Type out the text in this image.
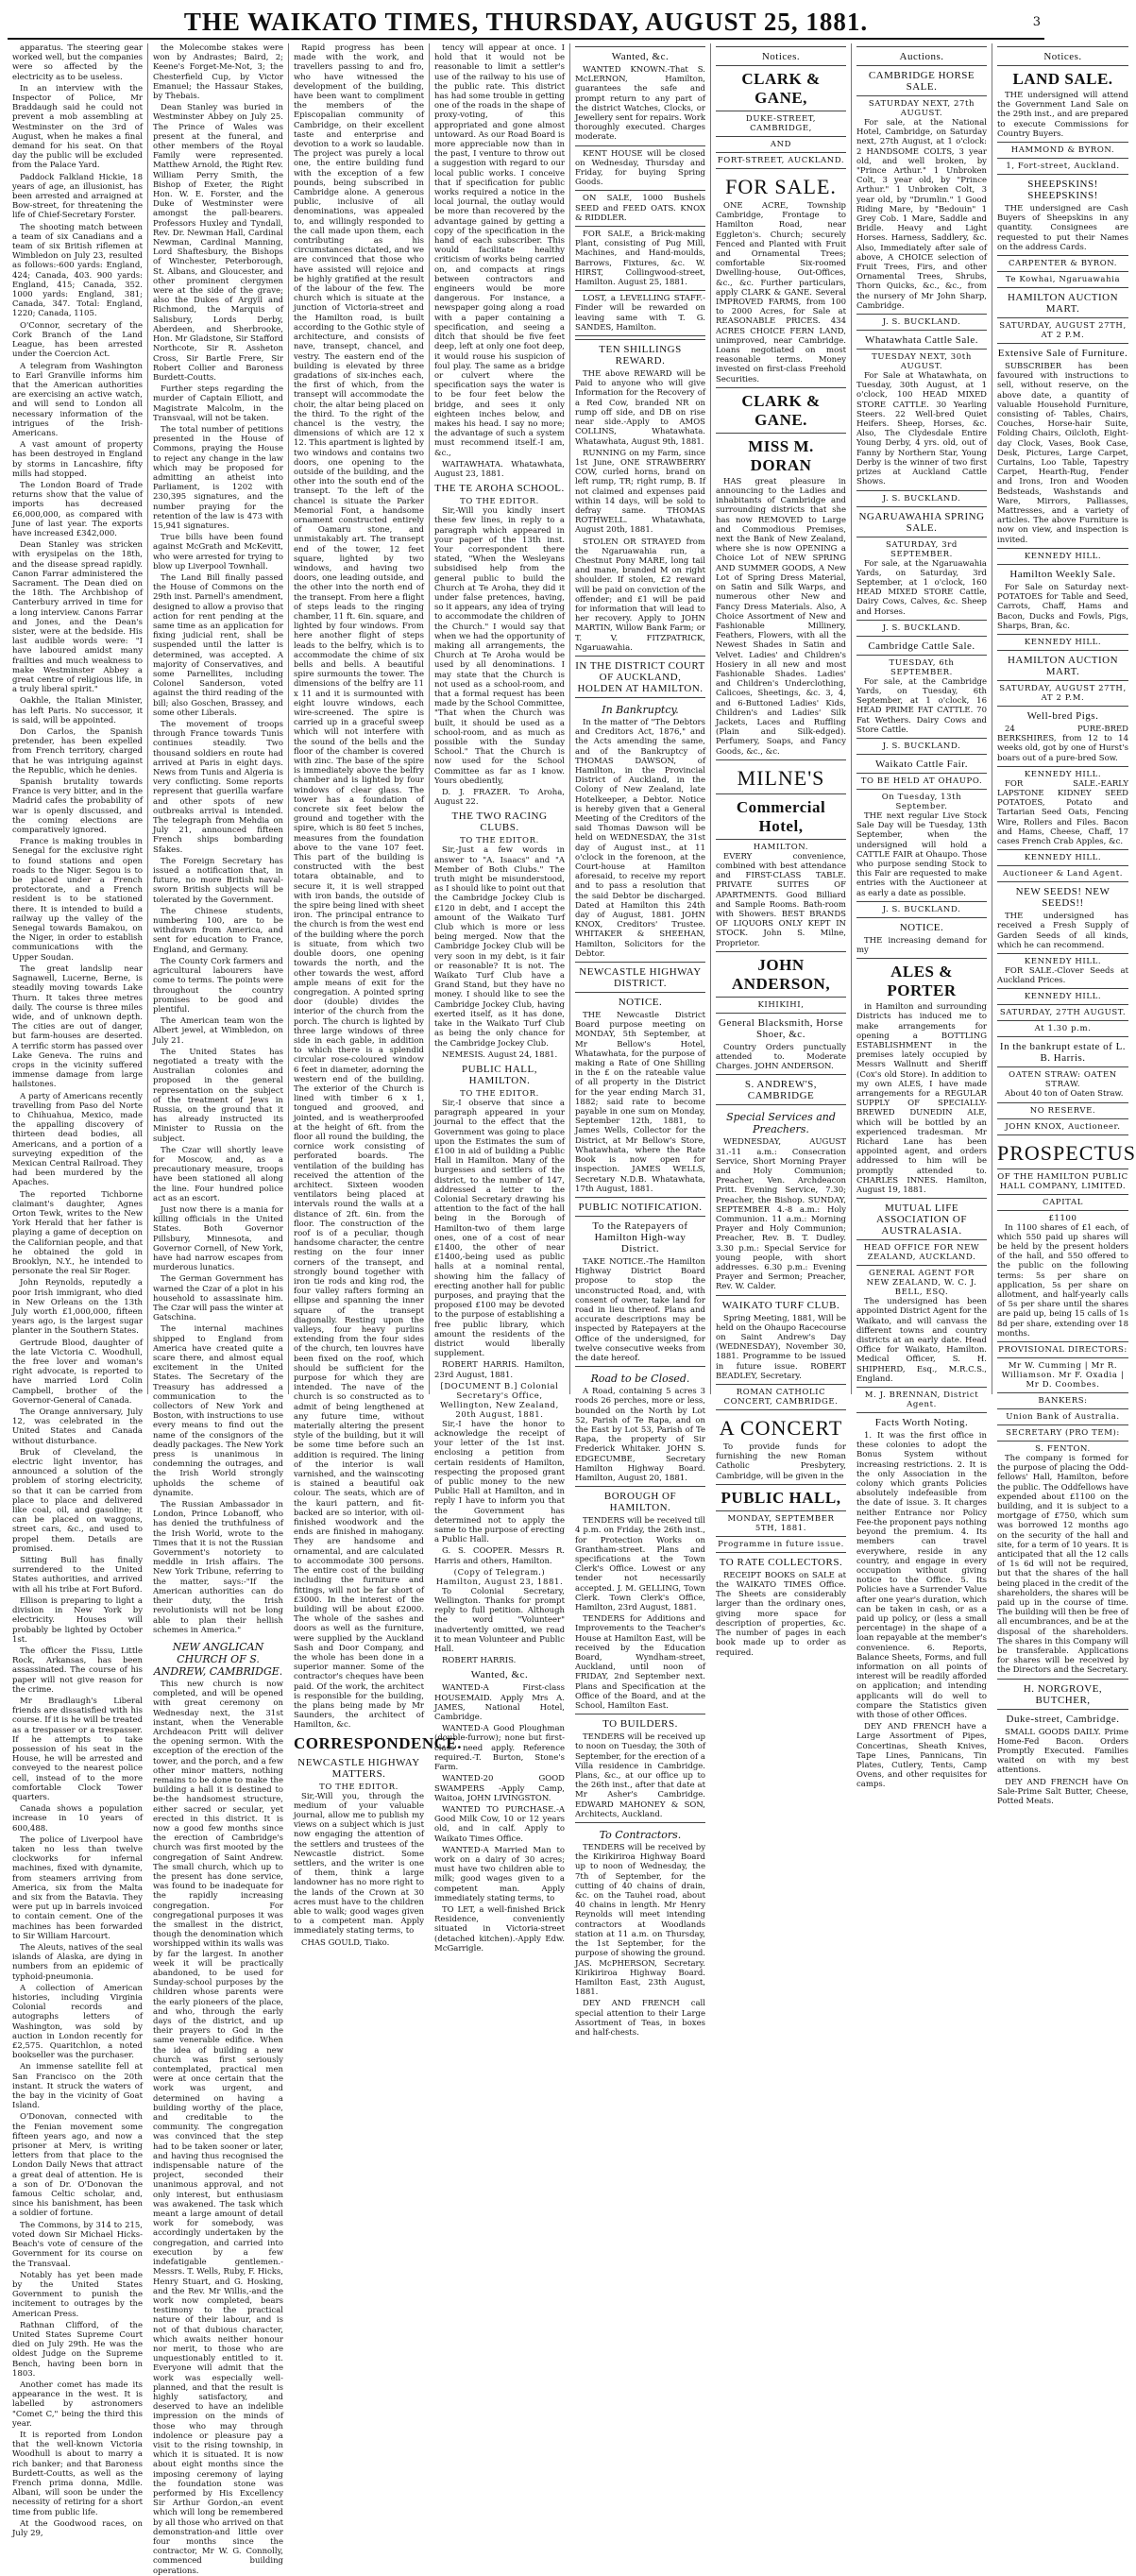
THE WAIKATO TIMES, THURSDAY, AUGUST 25, 1881.	3

apparatus. The steering gear worked well, but the companies were so affected by the electricity as to be useless.

In an interview with the Inspector of Police, Mr Braddaugh said he could not prevent a mob assembling at Westminster on the 3rd of August, when he makes a final demand for his seat. On that day the public will be excluded from the Palace Yard.

Paddock Falkland Hickie, 18 years of age, an illusionist, has been arrested and arraigned at Bow-street, for threatening the life of Chief-Secretary Forster.

The shooting match between a team of six Canadians and a team of six British riflemen at Wimbledon on July 23, resulted as follows:-600 yards: England, 424; Canada, 403. 900 yards: England, 415; Canada, 352. 1000 yards: England, 381; Canada, 347. Total: England, 1220; Canada, 1105.

O'Connor, secretary of the Cork Branch of the Land League, has been arrested under the Coercion Act.

A telegram from Washington to Earl Granville informs him that the American authorities are exercising an active watch, and will send to London all necessary information of the intrigues of the Irish-Americans.

A vast amount of property has been destroyed in England by storms in Lancashire, fifty mills had stopped.

The London Board of Trade returns show that the value of imports has decreased £6,000,000, as compared with June of last year. The exports have increased £342,000.

Dean Stanley was stricken with erysipelas on the 18th, and the disease spread rapidly. Canon Farrar administered the Sacrament. The Dean died on the 18th. The Archbishop of Canterbury arrived in time for a long interview. Canons Farrar and Jones, and the Dean's sister, were at the bedside. His last audible words were: "I have laboured amidst many frailties and much weakness to make Westminster Abbey a great centre of religious life, in a truly liberal spirit."

Oakhle, the Italian Minister, has left Paris. No successor, it is said, will be appointed.

Don Carlos, the Spanish pretender, has been expelled from French territory, charged that he was intriguing against the Republic, which he denies.

Spanish brutality towards France is very bitter, and in the Madrid cafes the probability of war is openly discussed, and the coming elections are comparatively ignored.

France is making troubles in Senegal for the exclusive right to found stations and open roads to the Niger. Segou is to be placed under a French protectorate, and a French resident is to be stationed there. It is intended to build a railway up the valley of the Senegal towards Bamakou, on the Niger, in order to establish communications with the Upper Soudan.

The great landslip near Sagnawell, Lucerne, Berne, is steadily moving towards Lake Thurn. It takes three metres daily. The course is three miles wide, and of unknown depth. The cities are out of danger, but farm-houses are deserted. A terrific storm has passed over Lake Geneva. The ruins and crops in the vicinity suffered immense damage from large hailstones.

A party of Americans recently travelling from Paso del Norte to Chihuahua, Mexico, made the appalling discovery of thirteen dead bodies, all Americans, and a portion of a surveying expedition of the Mexican Central Railroad. They had been murdered by the Apaches.

The reported Tichborne claimant's daughter, Agnes Orton Tewk, writes to the New York Herald that her father is playing a game of deception on the Californian people, and that he obtained the gold in Brooklyn, N.Y., he intended to personate the real Sir Roger.

John Reynolds, reputedly a poor Irish immigrant, who died in New Orleans on the 13th July worth £1,000,000, fifteen years ago, is the largest sugar planter in the Southern States.

Gertrude Blood, daughter of the late Victoria C. Woodhull, the free lover and woman's right advocate, is reported to have married Lord Colin Campbell, brother of the Governor-General of Canada.

The Orange anniversary, July 12, was celebrated in the United States and Canada without disturbance.

Bruk of Cleveland, the electric light inventor, has announced a solution of the problem of storing electricity, so that it can be carried from place to place and delivered like coal, oil, and gasoline; it can be placed on waggons, street cars, &c., and used to propel them. Details are promised.

Sitting Bull has finally surrendered to the United States authorities, and arrived with all his tribe at Fort Buford.

Ellison is preparing to light a division in New York by electricity. Houses will probably be lighted by October 1st.

The officer the Fissu, Little Rock, Arkansas, has been assassinated. The course of his paper will not give reason for the crime.

Mr Bradlaugh's Liberal friends are dissatisfied with his course. If it is he will be treated as a trespasser or a trespasser. If he attempts to take possession of his seat in the House, he will be arrested and conveyed to the nearest police cell, instead of to the more comfortable Clock Tower quarters.

Canada shows a population increase in 10 years of 600,488.

The police of Liverpool have taken no less than twelve clockworks for infernal machines, fixed with dynamite, from steamers arriving from America, six from the Malta and six from the Batavia. They were put up in barrels invoiced to contain cement. One of the machines has been forwarded to Sir William Harcourt.

The Aleuts, natives of the seal islands of Alaska, are dying in numbers from an epidemic of typhoid-pneumonia.

A collection of American histories, including Virginia Colonial records and autographs letters of Washington, was sold by auction in London recently for £2,575. Quaritchlon, a noted bookseller was the purchaser.

An immense satellite fell at San Francisco on the 20th instant. It struck the waters of the bay in the vicinity of Goat Island.

O'Donovan, connected with the Fenian movement some fifteen years ago, and now a prisoner at Merv, is writing letters from that place to the London Daily News that attract a great deal of attention. He is a son of Dr. O'Donovan the famous Celtic scholar, and, since his banishment, has been a soldier of fortune.

The Commons, by 314 to 215, voted down Sir Michael Hicks-Beach's vote of censure of the Government for its course on the Transvaal.

Notably has yet been made by the United States Government to punish the incitement to outrages by the American Press.

Rathnan Clifford, of the United States Supreme Court died on July 29th. He was the oldest Judge on the Supreme Bench, having been born in 1803.

Another comet has made its appearance in the west. It is labelled by astronomers "Comet C," being the third this year.

It is reported from London that the well-known Victoria Woodhull is about to marry a rich banker; and that Baroness Burdett-Coutts, as well as the French prima donna, Mdlle. Albani, will soon be under the necessity of retiring for a short time from public life.

At the Goodwood races, on July 29,

the Molecombe stakes were won by Andrastes; Baird, 2; Keene's Forget-Me-Not, 3; the Chesterfield Cup, by Victor Emanuel; the Hassaur Stakes, by Thebais.

Dean Stanley was buried in Westminster Abbey on July 25. The Prince of Wales was present at the funeral, and other members of the Royal Family were represented. Matthew Arnold, the Right Rev. William Perry Smith, the Bishop of Exeter, the Right Hon. W. E. Forster, and the Duke of Westminster were amongst the pall-bearers. Professors Huxley and Tyndall, Rev. Dr. Newman Hall, Cardinal Newman, Cardinal Manning, Lord Shaftesbury, the Bishops of Winchester, Peterborough, St. Albans, and Gloucester, and other prominent clergymen were at the side of the grave; also the Dukes of Argyll and Richmond, the Marquis of Salisbury, Lords Derby, Aberdeen, and Sherbrooke, Hon. Mr Gladstone, Sir Stafford Northcote, Sir R. Assheton Cross, Sir Bartle Frere, Sir Robert Collier and Baroness Burdett-Coutts.

Further steps regarding the murder of Captain Elliott, and Magistrate Malcolm, in the Transvaal, will not be taken.

The total number of petitions presented in the House of Commons, praying the House to reject any change in the law which may be proposed for admitting an atheist into Parliament, is 1202 with 230,395 signatures, and the number praying for the retention of the law is 473 with 15,941 signatures.

True bills have been found against McGrath and McKevitt, who were arrested for trying to blow up Liverpool Townhall.

The Land Bill finally passed the House of Commons on the 29th inst. Parnell's amendment, designed to allow a proviso that action for rent pending at the same time as an application for fixing judicial rent, shall be suspended until the latter is determined, was accepted. A majority of Conservatives, and some Parnellites, including Colonel Sanderson, voted against the third reading of the bill; also Goschen, Brassey, and some other Liberals.

The movement of troops through France towards Tunis continues steadily. Two thousand soldiers en route had arrived at Paris in eight days. News from Tunis and Algeria is very conflicting. Some reports represent that guerilla warfare and other spots of new outbreaks arrival is intended. The telegraph from Mehdia on July 21, announced fifteen French ships bombarding Sfakes.

The Foreign Secretary has issued a notification that, in future, no more British naval-sworn British subjects will be tolerated by the Government.

The Chinese students, numbering 100, are to be withdrawn from America, and sent for education to France, England, and Germany.

The County Cork farmers and agricultural labourers have come to terms. The points were throughout the country promises to be good and plentiful.

The American team won the Albert jewel, at Wimbledon, on July 21.

The United States has negotiated a treaty with the Australian colonies and proposed in the general representation on the subject of the treatment of Jews in Russia, on the ground that it has already instructed its Minister to Russia on the subject.

The Czar will shortly leave for Moscow, and, as a precautionary measure, troops have been stationed all along the line. Four hundred police act as an escort.

Just now there is a mania for killing officials in the United States. Both Governor Pillsbury, Minnesota, and Governor Cornell, of New York, have had narrow escapes from murderous lunatics.

The German Government has warned the Czar of a plot in his household to assassinate him. The Czar will pass the winter at Gatschina.

The internal machines shipped to England from America have created quite a scare there, and almost equal excitement in the United States. The Secretary of the Treasury has addressed a communication to the collectors of New York and Boston, with instructions to use every means to find out the name of the consignors of the deadly packages. The New York press is unanimous in condemning the outrages, and the Irish World strongly upholds the scheme of dynamite.

The Russian Ambassador in London, Prince Lobanoff, who has denied the truthfulness of the Irish World, wrote to the Times that it is not the Russian Government's notoriety to meddle in Irish affairs. The New York Tribune, referring to the matter, says:-"If the American authorities can do their duty, the Irish revolutionists will not be long able to plan their hellish schemes in America."

NEW ANGLICAN CHURCH OF S. ANDREW, CAMBRIDGE.

This new church is now completed, and will be opened with great ceremony on Wednesday next, the 31st instant, when the Venerable Archdeacon Pritt will deliver the opening sermon. With the exception of the erection of the tower, and the porch, and a few other minor matters, nothing remains to be done to make the building a hall it is destined to be-the handsomest structure, either sacred or secular, yet erected in this district. It is now a good few months since the erection of Cambridge's church was first mooted by the congregation of Saint Andrew. The small church, which up to the present has done service, was found to be inadequate for the rapidly increasing congregation. For congregational purposes it was the smallest in the district, though the denomination which worshipped within its walls was by far the largest. In another week it will be practically abandoned, to be used for Sunday-school purposes by the children whose parents were the early pioneers of the place, and who, through the early days of the district, and up their prayers to God in the same venerable edifice. When the idea of building a new church was first seriously contemplated, practical men were at once certain that the work was urgent, and determined on having a building worthy of the place, and creditable to the community. The congregation was convinced that the step had to be taken sooner or later, and having thus recognised the indispensable nature of the project, seconded their unanimous approval, and not only interest, but enthusiasm was awakened. The task which meant a large amount of detail work for somebody, was accordingly undertaken by the congregation, and carried into execution by a few indefatigable gentlemen.-Messrs. T. Wells, Ruby, F. Hicks, Henry Stuart, and G. Hosking, and the Rev. Mr Willis,-and the work now completed, bears testimony to the practical nature of their labour, and is not of that dubious character, which awaits neither honour nor merit, to those who are unquestionably entitled to it. Everyone will admit that the work was especially well-planned, and that the result is highly satisfactory, and deserved to have an indelible impression on the minds of those who may through indolence or pleasure pay a visit to the rising township, in which it is situated. It is now about eight months since the imposing ceremony of laying the foundation stone was performed by His Excellency Sir Arthur Gordon,-an event which will long be remembered by all those who arrived on that demonstration-and little over four months since the contractor, Mr W. G. Connolly, commenced building operations.

Rapid progress has been made with the work, and travellers passing to and fro, who have witnessed the development of the building, have been want to compliment the members of the Episcopalian community of Cambridge, on their excellent taste and enterprise and devotion to a work so laudable. The project was purely a local one, the entire building fund with the exception of a few pounds, being subscribed in Cambridge alone. A generous public, inclusive of all denominations, was appealed to, and willingly responded to the call made upon them, each contributing as his circumstances dictated, and we are convinced that those who have assisted will rejoice and be highly gratified at the result of the labour of the few. The church which is situate at the junction of Victoria-street and the Hamilton road, is built according to the Gothic style of architecture, and consists of nave, transept, chancel, and vestry. The eastern end of the building is elevated by three gradations of six-inches each, the first of which, from the transept will accommodate the choir, the altar being placed on the third. To the right of the chancel is the vestry, the dimensions of which are 12 x 12. This apartment is lighted by two windows and contains two doors, one opening to the outside of the building, and the other into the south end of the transept. To the left of the chancel is situate the Parker Memorial Font, a handsome ornament constructed entirely of Oamaru stone, and unmistakably art. The transept end of the tower, 12 feet square, lighted by two windows, and having two doors, one leading outside, and the other into the north end of the transept. From here a flight of steps leads to the ringing chamber, 11 ft. 6in. square, and lighted by four windows. From here another flight of steps leads to the belfry, which is to accommodate the chime of six bells and bells. A beautiful spire surmounts the tower. The dimensions of the belfry are 11 x 11 and it is surmounted with eight louvre windows, each wire-screened. The spire is carried up in a graceful sweep which will not interfere with the sound of the bells and the floor of the chamber is covered with zinc. The base of the spire is immediately above the belfry chamber and is lighted by four windows of clear glass. The tower has a foundation of concrete six feet below the ground and together with the spire, which is 80 feet 5 inches, measures from the foundation above to the vane 107 feet. This part of the building is constructed with the best totara obtainable, and to secure it, it is well strapped with iron bands, the outside of the spire being lined with sheet iron. The principal entrance to the church is from the west end of the building where the porch is situate, from which two double doors, one opening towards the north, and the other towards the west, afford ample means of exit for the congregation. A pointed spring door (double) divides the interior of the church from the porch. The church is lighted by three large windows of three side in each gable, in addition to which there is a splendid circular rose-coloured window 6 feet in diameter, adorning the western end of the building. The exterior of the Church is lined with timber 6 x 1, tongued and grooved, and jointed, and is weatherproofed at the height of 6ft. from the floor all round the building, the cornice work consisting of perforated boards. The ventilation of the building has received the attention of the architect. Sixteen wooden ventilators being placed at intervals round the walls at a distance of 2ft. 6in. from the floor. The construction of the roof is of a peculiar, though handsome character, the centre resting on the four inner corners of the transept, and strongly bound together with iron tie rods and king rod, the four valley rafters forming an ellipse and spanning the inner square of the transept diagonally. Resting upon the valleys, four heavy purlins extending from the four sides of the church, ten louvres have been fixed on the roof, which should be sufficient for the purpose for which they are intended. The nave of the church is so constructed as to admit of being lengthened at any future time, without materially altering the present style of the building, but it will be some time before such an addition is required. The lining of the interior is wall varnished, and the wainscoting is stained a beautiful oak colour. The seats, which are of the kauri pattern, and fit-backed are so interior, with oil-finished woodwork and the ends are finished in mahogany. They are handsome and ornamental, and are calculated to accommodate 300 persons. The entire cost of the building including the furniture and fittings, will not be far short of £3000. In the interest of the building will be about £2000. The whole of the sashes and doors as well as the furniture, were supplied by the Auckland Sash and Door Company, and the whole has been done in a superior manner. Some of the contractor's cheques have been paid. Of the work, the architect is responsible for the building, the plans being made by Mr Saunders, the architect of Hamilton, &c.

CORRESPONDENCE.
NEWCASTLE HIGHWAY MATTERS.
TO THE EDITOR.

Sir,-Will you, through the medium of your valuable journal, allow me to publish my views on a subject which is just now engaging the attention of the settlers and trustees of the Newcastle district. Some settlers, and the writer is one of them, think a large landowner has no more right to the lands of the Crown at 30 acres must have to the children able to walk; good wages given to a competent man. Apply immediately stating terms, to

CHAS GOULD, Tiako.

tency will appear at once. I hold that it would not be reasonable to limit a settler's use of the railway to his use of the public rate. This district has had some trouble in getting one of the roads in the shape of proxy-voting, of this appropriated and gone almost untoward. As our Road Board is more appreciable now than in the past, I venture to throw out a suggestion with regard to our local public works. I conceive that if specification for public works required a notice in the local journal, the outlay would be more than recovered by the advantage gained by getting a copy of the specification in the hand of each subscriber. This would facilitate healthy criticism of works being carried on, and compacts at rings between contractors and engineers would be more dangerous. For instance, a newspaper going along a road with a paper containing a specification, and seeing a ditch that should be five feet deep, left at only one foot deep, it would rouse his suspicion of foul play. The same as a bridge or culvert where the specification says the water is to be four feet below the bridge, and sees it only eighteen inches below, and makes his head. I say no more; the advantage of such a system must recommend itself.-I am, &c.,

WAITAWHATA. Whatawhata, August 23, 1881.

THE TE AROHA SCHOOL.
TO THE EDITOR.

Sir,-Will you kindly insert these few lines, in reply to a paragraph which appeared in your paper of the 13th inst. Your correspondent there stated, "When the Wesleyans subsidised help from the general public to build the Church at Te Aroha, they did it under false pretences, having, so it appears, any idea of trying to accommodate the children of the Church." I would say that when we had the opportunity of making all arrangements, the Church at Te Aroha would be used by all denominations. I may state that the Church is not used as a school-room, and that a formal request has been made by the School Committee, "That when the Church was built, it should be used as a school-room, and as much as possible with the Sunday School." That the Church is now used for the School Committee as far as I know. Yours obediently,

D. J. FRAZER. To Aroha, August 22.

THE TWO RACING CLUBS.
TO THE EDITOR.

Sir,-Just a few words in answer to "A. Isaacs" and "A Member of Both Clubs." The truth might be misunderstood, as I should like to point out that the Cambridge Jockey Club is £120 in debt, and I accept the amount of the Waikato Turf Club which is more or less being merged. Now that the Cambridge Jockey Club will be very soon in my debt, is it fair or reasonable? It is not. The Waikato Turf Club have a Grand Stand, but they have no money. I should like to see the Cambridge Jockey Club, having exerted itself, as it has done, take in the Waikato Turf Club as being the only chance for the Cambridge Jockey Club.

NEMESIS. August 24, 1881.

PUBLIC HALL, HAMILTON.
TO THE EDITOR.

Sir,-I observe that since a paragraph appeared in your journal to the effect that the Government was going to place upon the Estimates the sum of £100 in aid of building a Public Hall in Hamilton. Many of the burgesses and settlers of the district, to the number of 147, addressed a letter to the Colonial Secretary drawing his attention to the fact of the hall being in the Borough of Hamilton-two of them large ones, one of a cost of near £1400, the other of near £1400,-being used as public halls at a nominal rental, showing him the fallacy of erecting another hall for public purposes, and praying that the proposed £100 may be devoted to the purpose of establishing a free public library, which amount the residents of the district would liberally supplement.

ROBERT HARRIS. Hamilton, 23rd August, 1881.

[DOCUMENT B.] Colonial Secretary's Office, Wellington, New Zealand, 20th August, 1881.

Sir,-I have the honor to acknowledge the receipt of your letter of the 1st inst. enclosing a petition from certain residents of Hamilton, respecting the proposed grant of public money to the new Public Hall at Hamilton, and in reply I have to inform you that the Government has determined not to apply the same to the purpose of erecting a Public Hall.

G. S. COOPER. Messrs R. Harris and others, Hamilton.

(Copy of Telegram.) Hamilton, August 23, 1881.

To Colonial Secretary, Wellington. Thanks for prompt reply to full petition. Although the word "Volunteer" inadvertently omitted, we read it to mean Volunteer and Public Hall.

ROBERT HARRIS.

Wanted, &c.

WANTED-A First-class HOUSEMAID. Apply Mrs A. JAMES, National Hotel, Cambridge.

WANTED-A Good Ploughman (double-furrow); none but first-class need apply. Reference required.-T. Burton, Stone's Farm.

WANTED-20 GOOD SWAMPERS -Apply Camp, Waitoa, JOHN LIVINGSTON.

WANTED TO PURCHASE.-A Good Milk Cow, 10 or 12 years old, and in calf. Apply to Waikato Times Office.

WANTED-A Married Man to work on a dairy of 30 acres; must have two children able to milk; good wages given to a competent man. Apply immediately stating terms, to

TO LET, a well-finished Brick Residence, conveniently situated in Victoria-street (detached kitchen).-Apply Edw. McGarrigle.

Wanted, &c.

WANTED KNOWN.-That S. McLERNON, Hamilton, guarantees the safe and prompt return to any part of the district Watches, Clocks, or Jewellery sent for repairs. Work thoroughly executed. Charges moderate.

KENT HOUSE will be closed on Wednesday, Thursday and Friday, for buying Spring Goods.

ON SALE, 1000 Bushels SEED and FEED OATS. KNOX & RIDDLER.

FOR SALE, a Brick-making Plant, consisting of Pug Mill, Machines, and Hand-moulds, Barrows, Fixtures, &c. W. HIRST, Collingwood-street, Hamilton. August 25, 1881.

LOST, a LEVELLING STAFF.-Finder will be rewarded on leaving same with T. G. SANDES, Hamilton.

TEN SHILLINGS REWARD.

THE above REWARD will be Paid to anyone who will give Information for the Recovery of a Red Cow, branded NR on rump off side, and DB on rise near side.-Apply to AMOS COLLINS, Whatawhata. Whatawhata, August 9th, 1881.

RUNNING on my Farm, since 1st June, ONE STRAWBERRY COW, curled horns, brand on left rump, TR; right rump, B. If not claimed and expenses paid within 14 days, will be sold to defray same. THOMAS ROTHWELL. Whatawhata, August 20th, 1881.

STOLEN OR STRAYED from the Ngaruawahia run, a Chestnut Pony MARE, long tail and mane, branded M on right shoulder. If stolen, £2 reward will be paid on conviction of the offender; and £1 will be paid for information that will lead to her recovery. Apply to JOHN MARTIN, Willow Bank Farm; or T. V. FITZPATRICK, Ngaruawahia.

IN THE DISTRICT COURT OF AUCKLAND, HOLDEN AT HAMILTON.
In Bankruptcy.

In the matter of "The Debtors and Creditors Act, 1876," and the Acts amending the same, and of the Bankruptcy of THOMAS DAWSON, of Hamilton, in the Provincial District of Auckland, in the Colony of New Zealand, late Hotelkeeper, a Debtor. Notice is hereby given that a General Meeting of the Creditors of the said Thomas Dawson will be held on WEDNESDAY, the 31st day of August inst., at 11 o'clock in the forenoon, at the Court-house at Hamilton aforesaid, to receive my report and to pass a resolution that the said Debtor be discharged. Dated at Hamilton this 24th day of August, 1881. JOHN KNOX, Creditors' Trustee. WHITAKER & SHEEHAN, Hamilton, Solicitors for the Debtor.

NEWCASTLE HIGHWAY DISTRICT.
NOTICE.

THE Newcastle District Board purpose meeting on MONDAY, 5th September, at Mr Bellow's Hotel, Whatawhata, for the purpose of making a Rate of One Shilling in the £ on the rateable value of all property in the District for the year ending March 31, 1882; said rate to become payable in one sum on Monday, September 12th, 1881, to James Wells, Collector for the District, at Mr Bellow's Store, Whatawhata, where the Rate Book is now open for inspection. JAMES WELLS, Secretary N.D.B. Whatawhata, 17th August, 1881.

PUBLIC NOTIFICATION.
To the Ratepayers of Hamilton High-way District.

TAKE NOTICE.-The Hamilton Highway District Board propose to stop the unconstructed Road, and, with consent of owner, take land for road in lieu thereof. Plans and accurate descriptions may be inspected by Ratepayers at the Office of the undersigned, for twelve consecutive weeks from the date hereof.

Road to be Closed.

A Road, containing 5 acres 3 roods 26 perches, more or less, bounded on the North by Lot 52, Parish of Te Rapa, and on the East by Lot 53, Parish of Te Rapa, the property of Sir Frederick Whitaker. JOHN S. EDGECUMBE, Secretary Hamilton Highway Board. Hamilton, August 20, 1881.

BOROUGH OF HAMILTON.

TENDERS will be received till 4 p.m. on Friday, the 26th inst., for Protection Works on Grantham-street. Plans and specifications at the Town Clerk's Office. Lowest or any tender not necessarily accepted. J. M. GELLING, Town Clerk. Town Clerk's Office, Hamilton, 23rd August, 1881.

TENDERS for Additions and Improvements to the Teacher's House at Hamilton East, will be received by the Education Board, Wyndham-street, Auckland, until noon of FRIDAY, 2nd September next. Plans and Specification at the Office of the Board, and at the School, Hamilton East.

TO BUILDERS.

TENDERS will be received up to noon on Tuesday, the 30th of September, for the erection of a Villa residence in Cambridge. Plans, &c., at our office up to the 26th inst., after that date at Mr Asher's Cambridge. EDWARD MAHONEY & SON, Architects, Auckland.

To Contractors.

TENDERS will be received by the Kirikiriroa Highway Board up to noon of Wednesday, the 7th of September, for the cutting of 40 chains of drain, &c. on the Tauhei road, about 40 chains in length. Mr Henry Reynolds will meet intending contractors at Woodlands station at 11 a.m. on Thursday, the 1st September, for the purpose of showing the ground. JAS. McPHERSON, Secretary. Kirikiriroa Highway Board. Hamilton East, 23th August, 1881.

DEY AND FRENCH call special attention to their Large Assortment of Teas, in boxes and half-chests.

Notices.
CLARK & GANE,
DUKE-STREET, CAMBRIDGE,
AND
FORT-STREET, AUCKLAND.
FOR SALE.

ONE ACRE, Township Cambridge, Frontage to Hamilton Road, near Eggleton's. Church; securely Fenced and Planted with Fruit and Ornamental Trees; comfortable Six-roomed Dwelling-house, Out-Offices, &c., &c. Further particulars, apply CLARK & GANE. Several IMPROVED FARMS, from 100 to 2000 Acres, for Sale at REASONABLE PRICES. 434 ACRES CHOICE FERN LAND, unimproved, near Cambridge. Loans negotiated on most reasonable terms. Money invested on first-class Freehold Securities.

CLARK & GANE.
MISS M. DORAN

HAS great pleasure in announcing to the Ladies and inhabitants of Cambridge and surrounding districts that she has now REMOVED to Large and Commodious Premises, next the Bank of New Zealand, where she is now OPENING a Choice Lot of NEW SPRING AND SUMMER GOODS, A New Lot of Spring Dress Material, on Satin and Silk Warps, and numerous other New and Fancy Dress Materials. Also, A Choice Assortment of New and Fashionable Millinery, Feathers, Flowers, with all the Newest Shades in Satin and Velvet. Ladies' and Children's Hosiery in all new and most Fashionable Shades. Ladies' and Children's Underclothing, Calicoes, Sheetings, &c. 3, 4, and 6-Buttoned Ladies' Kids, Children's and Ladies' Silk Jackets, Laces and Ruffling (Plain and Silk-edged). Perfumery, Soaps, and Fancy Goods, &c., &c.

MILNE'S
Commercial Hotel,
HAMILTON.

EVERY convenience, combined with best attendance and FIRST-CLASS TABLE. PRIVATE SUITES OF APARTMENTS. Good Billiard and Sample Rooms. Bath-room with Showers. BEST BRANDS OF LIQUORS ONLY KEPT IN STOCK. John S. Milne, Proprietor.

JOHN ANDERSON,
KIHIKIHI,
General Blacksmith, Horse Shoer, &c.

Country Orders punctually attended to. Moderate Charges. JOHN ANDERSON.

S. ANDREW'S, CAMBRIDGE
Special Services and Preachers.

WEDNESDAY, AUGUST 31.-11 a.m.: Consecration Service, Short Morning Prayer and Holy Communion; Preacher, Ven. Archdeacon Pritt. Evening Service, 7.30; Preacher, the Bishop. SUNDAY, SEPTEMBER 4.-8 a.m.: Holy Communion. 11 a.m.: Morning Prayer and Holy Communion; Preacher, Rev. B. T. Dudley. 3.30 p.m.: Special Service for young people, with short addresses. 6.30 p.m.: Evening Prayer and Sermon; Preacher, Rev. W. Calder.

WAIKATO TURF CLUB.

Spring Meeting, 1881, Will be held on the Ohaupo Racecourse on Saint Andrew's Day (WEDNESDAY), November 30, 1881. Programme to be issued in future issue. ROBERT BEADLEY, Secretary.

ROMAN CATHOLIC CONCERT, CAMBRIDGE.
A CONCERT

To provide funds for furnishing the new Roman Catholic Presbytery, Cambridge, will be given in the

PUBLIC HALL,
MONDAY, SEPTEMBER 5TH, 1881.
Programme in future issue.
TO RATE COLLECTORS.

RECEIPT BOOKS on SALE at the WAIKATO TIMES Office. The Sheets are considerably larger than the ordinary ones, giving more space for description of properties, &c. The number of pages in each book made up to order as required.

Auctions.
CAMBRIDGE HORSE SALE.
SATURDAY NEXT, 27th AUGUST.

For sale, at the National Hotel, Cambridge, on Saturday next, 27th August, at 1 o'clock: 2 HANDSOME COLTS, 3 year old, and well broken, by "Prince Arthur." 1 Unbroken Colt, 3 year old, by "Prince Arthur." 1 Unbroken Colt, 3 year old, by "Drumlin." 1 Good Riding Mare, by "Bedouin" 1 Grey Cob. 1 Mare, Saddle and Bridle. Heavy and Light Horses. Harness, Saddlery, &c. Also, Immediately after sale of above, A CHOICE selection of Fruit Trees, Firs, and other Ornamental Trees, Shrubs, Thorn Quicks, &c., &c., from the nursery of Mr John Sharp, Cambridge.

J. S. BUCKLAND.
Whatawhata Cattle Sale.
TUESDAY NEXT, 30th AUGUST.

For Sale at Whatawhata, on Tuesday, 30th August, at 1 o'clock, 100 HEAD MIXED STORE CATTLE. 30 Yearling Steers. 22 Well-bred Quiet Heifers. Sheep, Horses, &c. Also, The Clydesdale Entire Young Derby, 4 yrs. old, out of Fanny by Northern Star, Young Derby is the winner of two first prizes at Auckland Cattle Shows.

J. S. BUCKLAND.
NGARUAWAHIA SPRING SALE.
SATURDAY, 3rd SEPTEMBER.

For sale, at the Ngaruawahia Yards, on Saturday, 3rd September, at 1 o'clock, 160 HEAD MIXED STORE Cattle, Dairy Cows, Calves, &c. Sheep and Horses.

J. S. BUCKLAND.
Cambridge Cattle Sale.
TUESDAY, 6th SEPTEMBER.

For sale, at the Cambridge Yards, on Tuesday, 6th September, at 1 o'clock, 16 HEAD PRIME FAT CATTLE. 70 Fat Wethers. Dairy Cows and Store Cattle.

J. S. BUCKLAND.
Waikato Cattle Fair.
TO BE HELD AT OHAUPO.
On Tuesday, 13th September.

THE next regular Live Stock Sale Day will be Tuesday, 13th September, when the undersigned will hold a CATTLE FAIR at Ohaupo. Those who purpose sending Stock to this Fair are requested to make entries with the Auctioneer at as early a date as possible.

J. S. BUCKLAND.
NOTICE.

THE increasing demand for my

ALES & PORTER

in Hamilton and surrounding Districts has induced me to make arrangements for opening a BOTTLING ESTABLISHMENT in the premises lately occupied by Messrs Wallnutt and Sheriff (Cox's old Store). In addition to my own ALES, I have made arrangements for a REGULAR SUPPLY OF SPECIALLY-BREWED DUNEDIN ALE, which will be bottled by an experienced tradesman. Mr Richard Lane has been appointed agent, and orders addressed to him will be promptly attended to. CHARLES INNES. Hamilton, August 19, 1881.

MUTUAL LIFE ASSOCIATION OF AUSTRALASIA.
HEAD OFFICE FOR NEW ZEALAND, AUCKLAND.
GENERAL AGENT FOR NEW ZEALAND, W. C. J. BELL, ESQ.

The undersigned has been appointed District Agent for the Waikato, and will canvass the different towns and country districts at an early date. Head Office for Waikato, Hamilton. Medical Officer, S. H. SHIPHERD, Esq., M.R.C.S., England.

M. J. BRENNAN, District Agent.
Facts Worth Noting.

1. It was the first office in these colonies to adopt the Bonus System without increasing restrictions. 2. It is the only Association in the colony which grants Policies absolutely indefeasible from the date of issue. 3. It charges neither Entrance nor Policy Fee-the proponent pays nothing beyond the premium. 4. Its members can travel everywhere, reside in any country, and engage in every occupation without giving notice to the Office. 5. Its Policies have a Surrender Value after one year's duration, which can be taken in cash, or as a paid up policy, or (less a small percentage) in the shape of a loan repayable at the member's convenience. 6. Reports, Balance Sheets, Forms, and full information on all points of interest will be readily afforded on application; and intending applicants will do well to compare the Statistics given with those of other Offices.

DEY AND FRENCH have a Large Assortment of Pipes, Concertinas, Sheath Knives, Tape Lines, Pannicans, Tin Plates, Cutlery, Tents, Camp Ovens, and other requisites for camps.

Notices.
LAND SALE.

THE undersigned will attend the Government Land Sale on the 29th inst., and are prepared to execute Commissions for Country Buyers.

HAMMOND & BYRON.
1, Fort-street, Auckland.
SHEEPSKINS! SHEEPSKINS!

THE undersigned are Cash Buyers of Sheepskins in any quantity. Consignees are requested to put their Names on the address Cards.

CARPENTER & BYRON.
Te Kowhai, Ngaruawahia
HAMILTON AUCTION MART.
SATURDAY, AUGUST 27TH, AT 2 P.M.
Extensive Sale of Furniture.

SUBSCRIBER has been favoured with instructions to sell, without reserve, on the above date, a quantity of valuable Household Furniture, consisting of- Tables, Chairs, Couches, Horse-hair Suite, Folding Chairs, Oilcloth, Eight-day Clock, Vases, Book Case, Desk, Pictures, Large Carpet, Curtains, Loo Table, Tapestry Carpet, Hearth-Rug, Fender and Irons, Iron and Wooden Bedsteads, Washstands and Ware, Mirrors, Palliasses, Mattresses, and a variety of articles. The above Furniture is now on view, and inspection is invited.

KENNEDY HILL.
Hamilton Weekly Sale.

For Sale on Saturday next- POTATOES for Table and Seed, Carrots, Chaff, Hams and Bacon, Ducks and Fowls, Pigs, Sharps, Bran, &c.

KENNEDY HILL.
HAMILTON AUCTION MART.
SATURDAY, AUGUST 27TH, AT 2 P.M.
Well-bred Pigs.

24 PURE-BRED BERKSHIRES, from 12 to 14 weeks old, got by one of Hurst's boars out of a pure-bred Sow.

KENNEDY HILL.

FOR SALE.-EARLY LAPSTONE KIDNEY SEED POTATOES, Potato and Tartarian Seed Oats, Fencing Wire, Rollers and Files. Bacon and Hams, Cheese, Chaff, 17 cases French Crab Apples, &c.

KENNEDY HILL.
Auctioneer & Land Agent.
NEW SEEDS! NEW SEEDS!!

THE undersigned has received a Fresh Supply of Garden Seeds of all kinds, which he can recommend.

KENNEDY HILL.

FOR SALE.-Clover Seeds at Auckland Prices.

KENNEDY HILL.
SATURDAY, 27TH AUGUST.
At 1.30 p.m.
In the bankrupt estate of L. B. Harris.
OATEN STRAW: OATEN STRAW.

About 40 ton of Oaten Straw.

NO RESERVE.
JOHN KNOX, Auctioneer.
PROSPECTUS
OF THE HAMILTON PUBLIC HALL COMPANY, LIMITED.
CAPITAL
£1100

In 1100 shares of £1 each, of which 550 paid up shares will be held by the present holders of the hall, and 550 offered to the public on the following terms: 5s per share on application, 5s per share on allotment, and half-yearly calls of 5s per share until the shares are paid up, being 15 calls of 1s 8d per share, extending over 18 months.

PROVISIONAL DIRECTORS:
Mr W. Cumming | Mr R. Williamson. Mr F. Oxadia | Mr D. Coombes.
BANKERS:
Union Bank of Australia.
SECRETARY (PRO TEM):
S. FENTON.

The company is formed for the purpose of placing the Odd-fellows' Hall, Hamilton, before the public. The Oddfellows have expended about £1100 on the building, and it is subject to a mortgage of £750, which sum was borrowed 12 months ago on the security of the hall and site, for a term of 10 years. It is anticipated that all the 12 calls of 1s 6d will not be required, but that the shares of the hall being placed in the credit of the shareholders, the shares will be paid up in the course of time. The building will then be free of all encumbrances, and be at the disposal of the shareholders. The shares in this Company will be transferable. Applications for shares will be received by the Directors and the Secretary.

H. NORGROVE, BUTCHER,
Duke-street, Cambridge.

SMALL GOODS DAILY. Prime Home-Fed Bacon. Orders Promptly Executed. Families waited on with my best attentions.

DEY AND FRENCH have On Sale-Prime Salt Butter, Cheese, Potted Meats.
